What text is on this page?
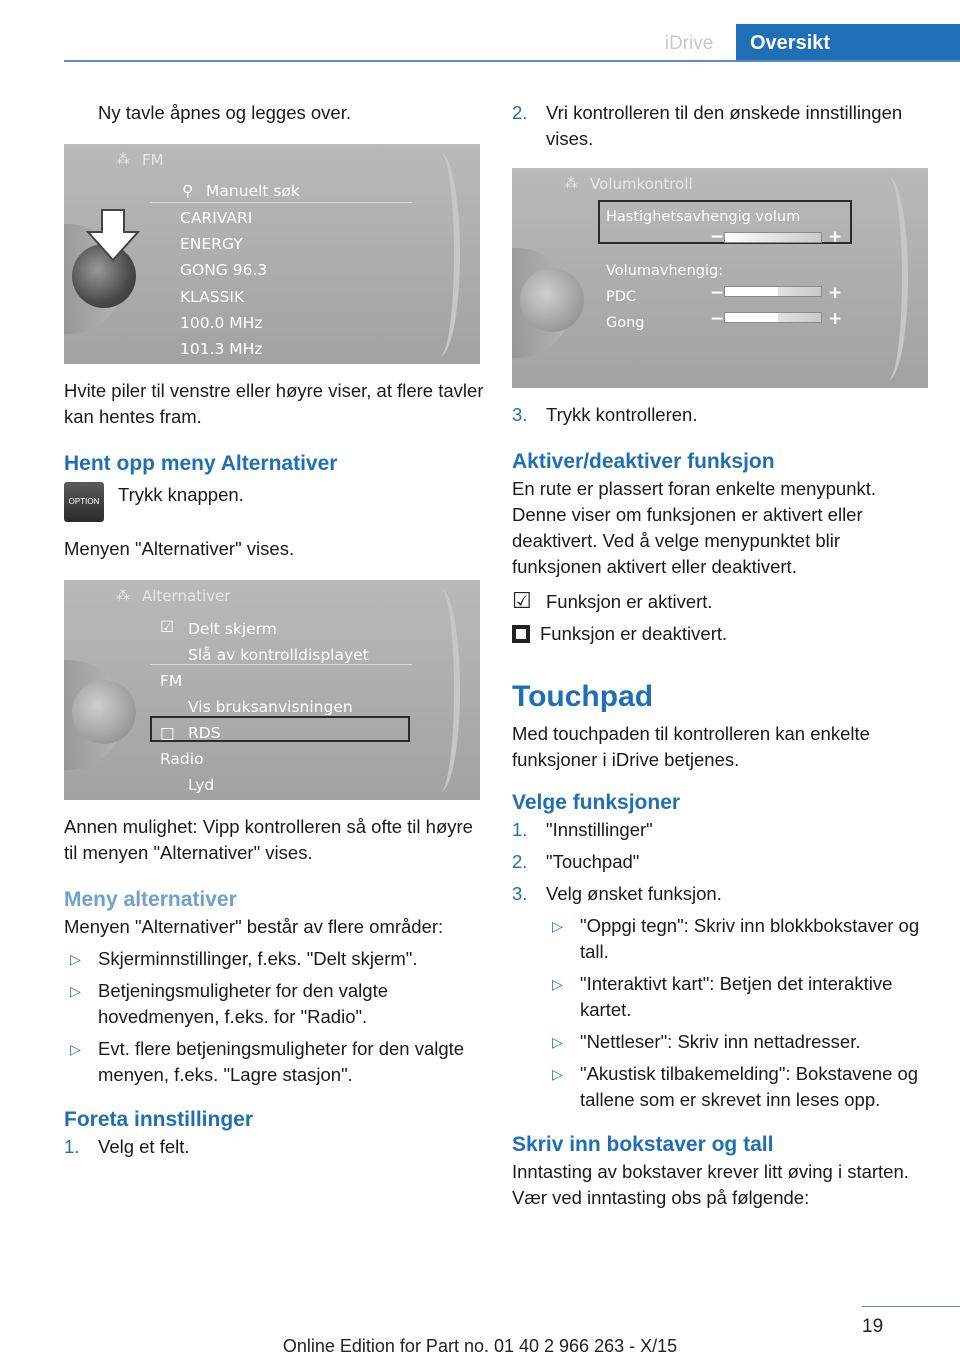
iDrive	Oversikt

Ny tavle åpnes og legges over.

⁂ FM
⚲ Manuelt søk
CARIVARI
ENERGY
GONG 96.3
KLASSIK
100.0 MHz
101.3 MHz

Hvite piler til venstre eller høyre viser, at flere tavler kan hentes fram.

Hent opp meny Alternativer

OPTION Trykk knappen.

Menyen "Alternativer" vises.

⁂ Alternativer
☑ Delt skjerm
Slå av kontrolldisplayet
FM
Vis bruksanvisningen
□ RDS
Radio
Lyd

Annen mulighet: Vipp kontrolleren så ofte til høyre til menyen "Alternativer" vises.

Meny alternativer

Menyen "Alternativer" består av flere områder:

▷ Skjerminnstillinger, f.eks. "Delt skjerm".
▷ Betjeningsmuligheter for den valgte hovedmenyen, f.eks. for "Radio".
▷ Evt. flere betjeningsmuligheter for den valgte menyen, f.eks. "Lagre stasjon".

Foreta innstillinger

1. Velg et felt.
2. Vri kontrolleren til den ønskede innstillingen vises.
⁂ Volumkontroll
Hastighetsavhengig volum
−	+
Volumavhengig:
PDC	−	+
Gong	−	+
3. Trykk kontrolleren.

Aktiver/deaktiver funksjon

En rute er plassert foran enkelte menypunkt. Denne viser om funksjonen er aktivert eller deaktivert. Ved å velge menypunktet blir funksjonen aktivert eller deaktivert.

☑ Funksjon er aktivert.

Funksjon er deaktivert.

Touchpad

Med touchpaden til kontrolleren kan enkelte funksjoner i iDrive betjenes.

Velge funksjoner

1. "Innstillinger"
2. "Touchpad"
3. Velg ønsket funksjon.
▷ "Oppgi tegn": Skriv inn blokkbokstaver og tall.
▷ "Interaktivt kart": Betjen det interaktive kartet.
▷ "Nettleser": Skriv inn nettadresser.
▷ "Akustisk tilbakemelding": Bokstavene og tallene som er skrevet inn leses opp.

Skriv inn bokstaver og tall

Inntasting av bokstaver krever litt øving i starten. Vær ved inntasting obs på følgende:

19
Online Edition for Part no. 01 40 2 966 263 - X/15
